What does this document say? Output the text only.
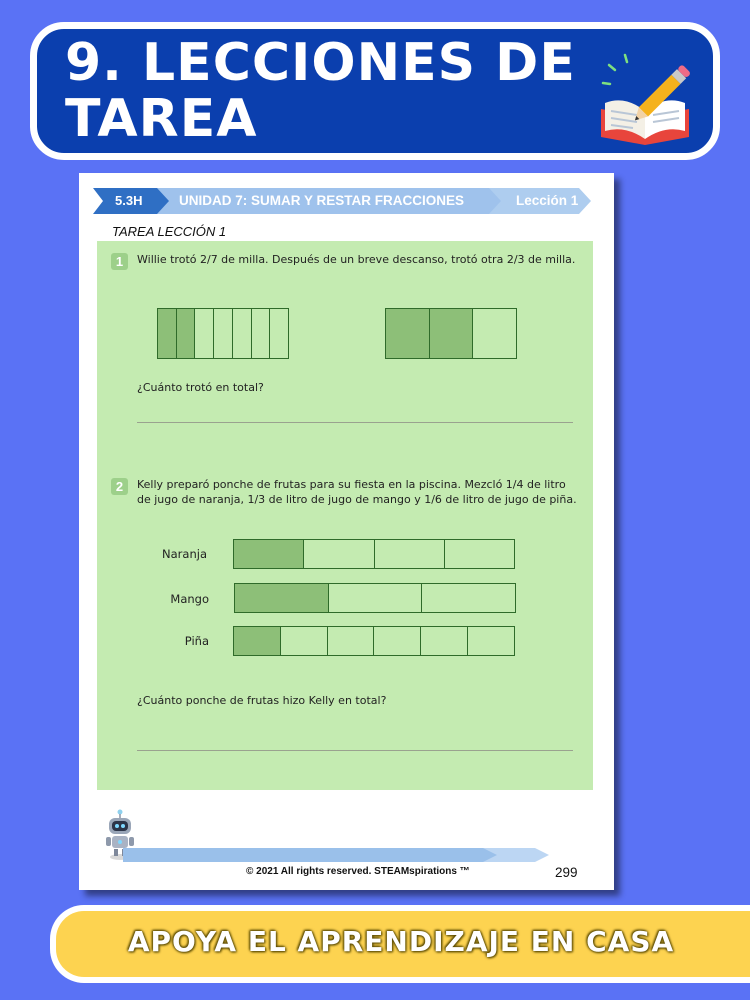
9. LECCIONES DE TAREA
5.3H	UNIDAD 7: SUMAR Y RESTAR FRACCIONES	Lección 1
TAREA LECCIÓN 1
1	Willie trotó 2/7 de milla. Después de un breve descanso, trotó otra 2/3 de milla.
¿Cuánto trotó en total?
2	Kelly preparó ponche de frutas para su fiesta en la piscina. Mezcló 1/4 de litro de jugo de naranja, 1/3 de litro de jugo de mango y 1/6 de litro de jugo de piña.
Naranja
Mango
Piña
¿Cuánto ponche de frutas hizo Kelly en total?
© 2021 All rights reserved. STEAMspirations ™	299
APOYA EL APRENDIZAJE EN CASA
